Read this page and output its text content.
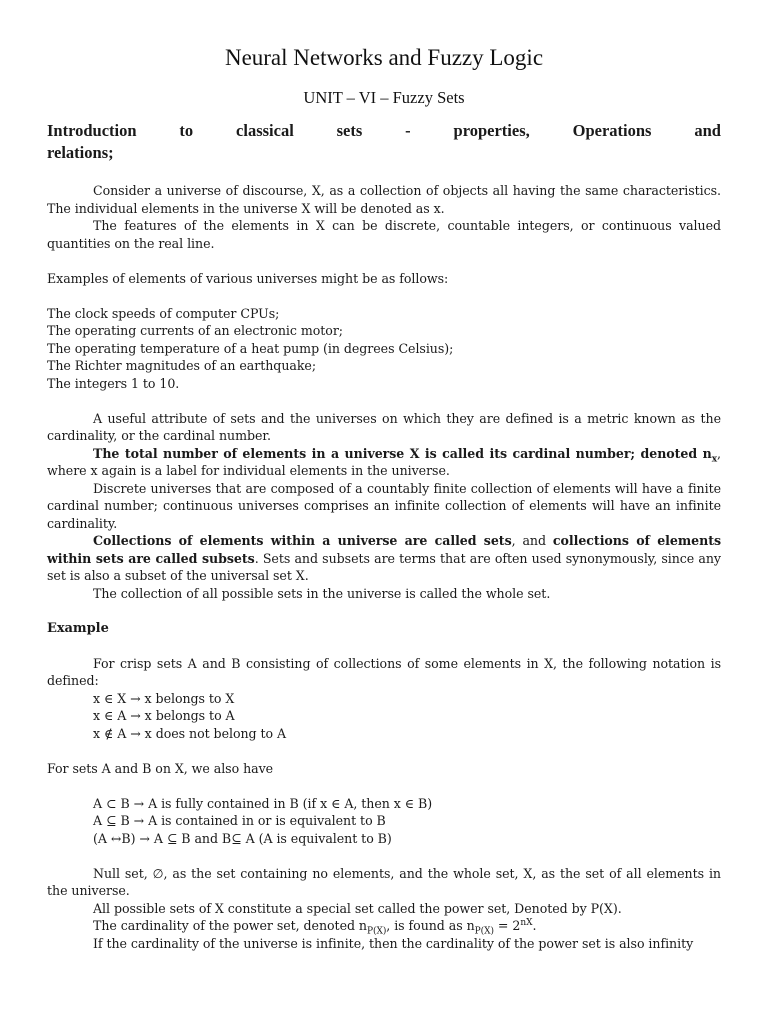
Neural Networks and Fuzzy Logic
UNIT – VI – Fuzzy Sets
Introduction	to	classical	sets	-	properties,	Operations	and
relations;

Consider a universe of discourse, X, as a collection of objects all having the same characteristics. The individual elements in the universe X will be denoted as x.

The features of the elements in X can be discrete, countable integers, or continuous valued quantities on the real line.

Examples of elements of various universes might be as follows:

The clock speeds of computer CPUs;

The operating currents of an electronic motor;

The operating temperature of a heat pump (in degrees Celsius);

The Richter magnitudes of an earthquake;

The integers 1 to 10.

A useful attribute of sets and the universes on which they are defined is a metric known as the cardinality, or the cardinal number.

The total number of elements in a universe X is called its cardinal number; denoted $n_x$, where x again is a label for individual elements in the universe.

Discrete universes that are composed of a countably finite collection of elements will have a finite cardinal number; continuous universes comprises an infinite collection of elements will have an infinite cardinality.

Collections of elements within a universe are called sets, and collections of elements within sets are called subsets. Sets and subsets are terms that are often used synonymously, since any set is also a subset of the universal set X.

The collection of all possible sets in the universe is called the whole set.

Example

For crisp sets A and B consisting of collections of some elements in X, the following notation is defined:

x ∈ X → x belongs to X

x ∈ A → x belongs to A

x ∉ A → x does not belong to A

For sets A and B on X, we also have

A ⊂ B → A is fully contained in B (if x ∈ A, then x ∈ B)

A ⊆ B → A is contained in or is equivalent to B

(A ↔B) → A ⊆ B and B⊆ A (A is equivalent to B)

Null set, ∅, as the set containing no elements, and the whole set, X, as the set of all elements in the universe.

All possible sets of X constitute a special set called the power set, Denoted by P(X).

The cardinality of the power set, denoted $n_{P(X)}$, is found as $n_{P(X)} = 2^{nX}$.

If the cardinality of the universe is infinite, then the cardinality of the power set is also infinity
